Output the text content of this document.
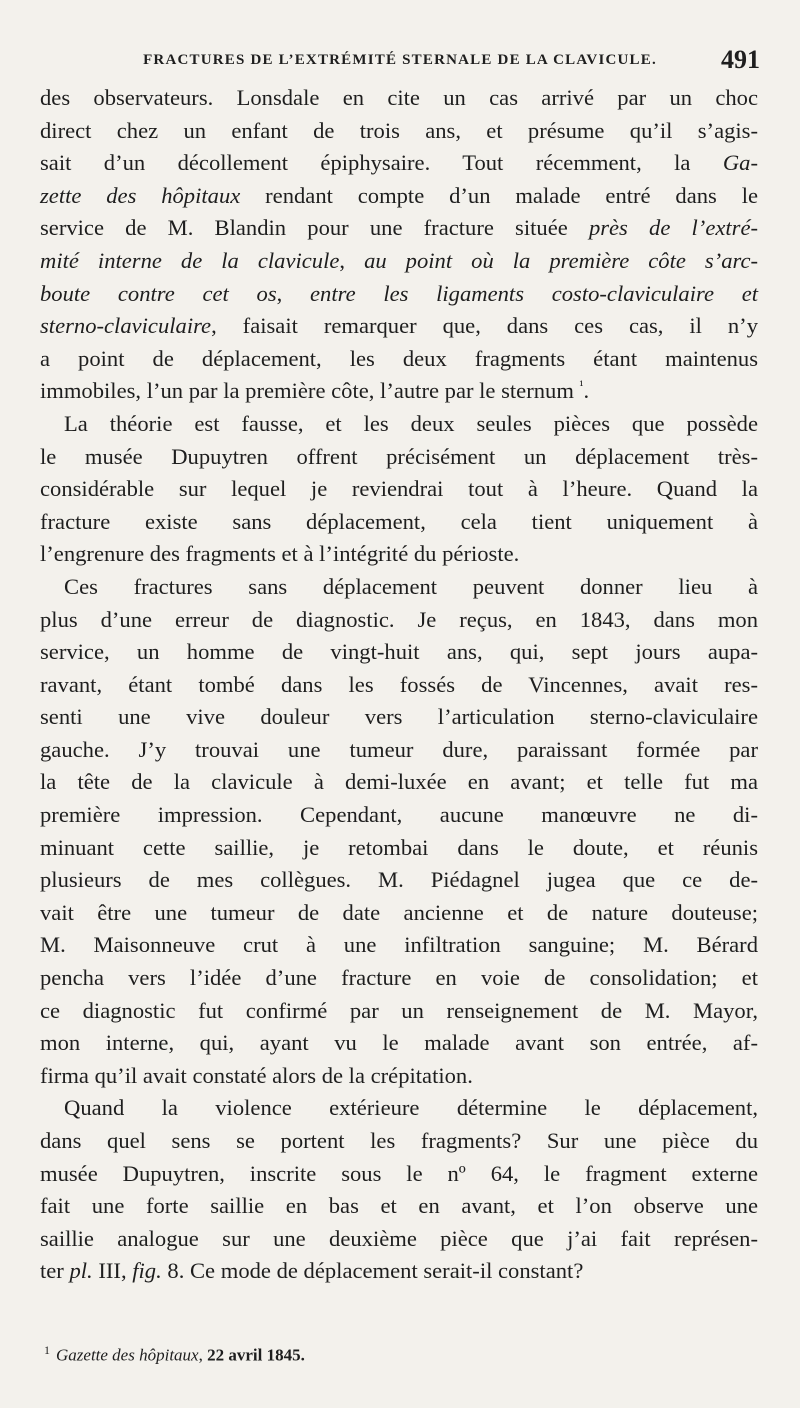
FRACTURES DE L’EXTRÉMITÉ STERNALE DE LA CLAVICULE. 491
des observateurs. Lonsdale en cite un cas arrivé par un choc
direct chez un enfant de trois ans, et présume qu’il s’agis-
sait d’un décollement épiphysaire. Tout récemment, la Ga-
zette des hôpitaux rendant compte d’un malade entré dans le
service de M. Blandin pour une fracture située près de l’extré-
mité interne de la clavicule, au point où la première côte s’arc-
boute contre cet os, entre les ligaments costo-claviculaire et
sterno-claviculaire, faisait remarquer que, dans ces cas, il n’y
a point de déplacement, les deux fragments étant maintenus
immobiles, l’un par la première côte, l’autre par le sternum $^{^1}$.
La théorie est fausse, et les deux seules pièces que possède
le musée Dupuytren offrent précisément un déplacement très-
considérable sur lequel je reviendrai tout à l’heure. Quand la
fracture existe sans déplacement, cela tient uniquement à
l’engrenure des fragments et à l’intégrité du périoste.
Ces fractures sans déplacement peuvent donner lieu à
plus d’une erreur de diagnostic. Je reçus, en 1843, dans mon
service, un homme de vingt-huit ans, qui, sept jours aupa-
ravant, étant tombé dans les fossés de Vincennes, avait res-
senti une vive douleur vers l’articulation sterno-claviculaire
gauche. J’y trouvai une tumeur dure, paraissant formée par
la tête de la clavicule à demi-luxée en avant; et telle fut ma
première impression. Cependant, aucune manœuvre ne di-
minuant cette saillie, je retombai dans le doute, et réunis
plusieurs de mes collègues. M. Piédagnel jugea que ce de-
vait être une tumeur de date ancienne et de nature douteuse;
M. Maisonneuve crut à une infiltration sanguine; M. Bérard
pencha vers l’idée d’une fracture en voie de consolidation; et
ce diagnostic fut confirmé par un renseignement de M. Mayor,
mon interne, qui, ayant vu le malade avant son entrée, af-
firma qu’il avait constaté alors de la crépitation.
Quand la violence extérieure détermine le déplacement,
dans quel sens se portent les fragments? Sur une pièce du
musée Dupuytren, inscrite sous le nº 64, le fragment externe
fait une forte saillie en bas et en avant, et l’on observe une
saillie analogue sur une deuxième pièce que j’ai fait représen-
ter pl. III, fig. 8. Ce mode de déplacement serait-il constant?
$^1$ Gazette des hôpitaux, 22 avril 1845.
